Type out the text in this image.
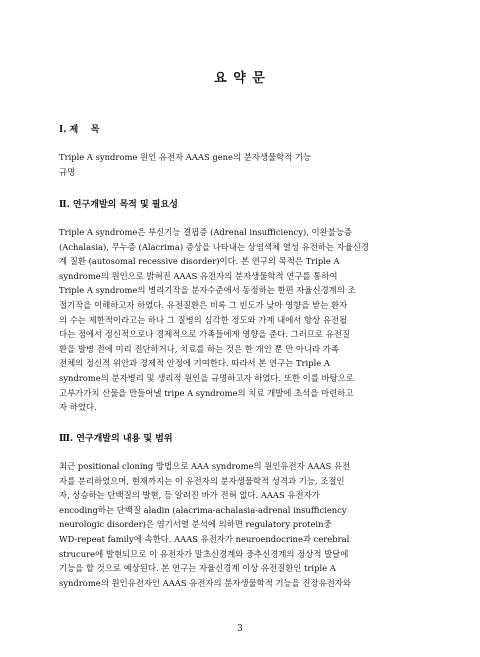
요 약 문
Ⅰ. 제    목
Triple A syndrome 원인 유전자 AAAS gene의 분자생물학적 기능
규명
Ⅱ. 연구개발의 목적 및 필요성
Triple A syndrome은 부신기능 결핍증 (Adrenal insufficiency), 이완불능증
(Achalasia), 무누증 (Alacrima) 증상을 나타내는 상염색체 열성 유전하는 자율신경
계 질환 (autosomal recessive disorder)이다. 본 연구의 목적은 Triple A
syndrome의 원인으로 밝혀진 AAAS 유전자의 분자생물학적 연구를 통하여
Triple A syndrome의 병리기작을 분자수준에서 동정하는 한편 자율신경계의 조
절기작을 이해하고자 하였다. 유전질환은 비록 그 빈도가 낮아 영향을 받는 환자
의 수는 제한적이라고는 하나 그 질병의 심각한 정도와 가계 내에서 항상 유전될
다는 점에서 정신적으로나 경제적으로 가족들에게 영향을 준다. 그러므로 유전질
환을 발병 전에 미리 진단하거나, 치료를 하는 것은 한 개인 뿐 만 아니라 가족
전체의 정신적 위안과 경제적 안정에 기여한다. 따라서 본 연구는 Triple A
syndrome의 분자병리 및 생리적 원인을 규명하고자 하였다. 또한 이를 바탕으로
고부가가치 산물을 만들어낼 tripe A syndrome의 치료 개발에 초석을 마련하고
자 하였다.
Ⅲ. 연구개발의 내용 및 범위
최근 positional cloning 방법으로 AAA syndrome의 원인유전자 AAAS 유전
자를 분리하였으며, 현재까지는 이 유전자의 분자생물학적 성격과 기능, 조절인
자, 상승하는 단백질의 발현, 등 알려진 바가 전혀 없다. AAAS 유전자가
encoding하는 단백질 aladin (alacrima-achalasia-adrenal insufficiency
neurologic disorder)은 염기서열 분석에 의하면 regulatory protein중
WD-repeat family에 속한다. AAAS 유전자가 neuroendocrine과 cerebral
strucure에 발현되므로 이 유전자가 말초신경계와 중추신경계의 정상적 발달에
기능을 할 것으로 예상된다. 본 연구는 자율신경계 이상 유전질환인 triple A
syndrome의 원인유전자인 AAAS 유전자의 분자생물학적 기능을 진장유전자와
3
